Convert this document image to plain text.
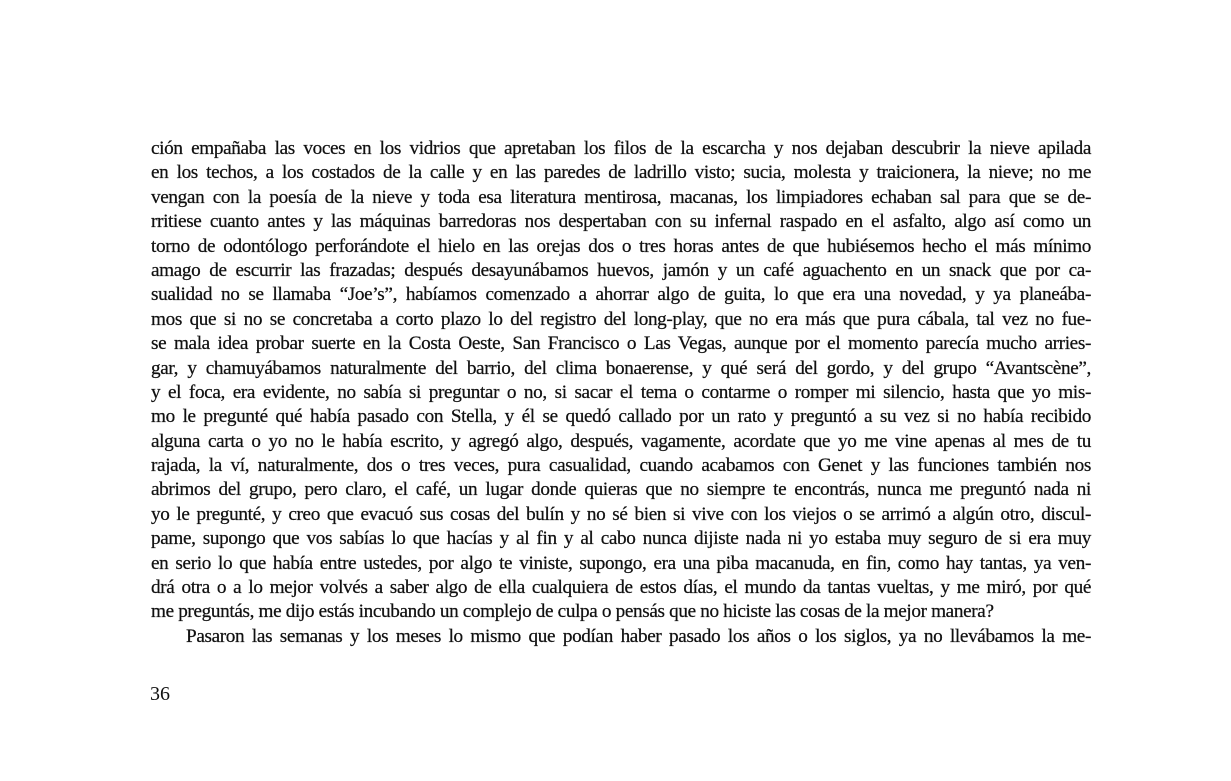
ción empañaba las voces en los vidrios que apretaban los filos de la escarcha y nos dejaban descubrir la nieve apilada
en los techos, a los costados de la calle y en las paredes de ladrillo visto; sucia, molesta y traicionera, la nieve; no me
vengan con la poesía de la nieve y toda esa literatura mentirosa, macanas, los limpiadores echaban sal para que se de-
rritiese cuanto antes y las máquinas barredoras nos despertaban con su infernal raspado en el asfalto, algo así como un
torno de odontólogo perforándote el hielo en las orejas dos o tres horas antes de que hubiésemos hecho el más mínimo
amago de escurrir las frazadas; después desayunábamos huevos, jamón y un café aguachento en un snack que por ca-
sualidad no se llamaba “Joe’s”, habíamos comenzado a ahorrar algo de guita, lo que era una novedad, y ya planeába-
mos que si no se concretaba a corto plazo lo del registro del long-play, que no era más que pura cábala, tal vez no fue-
se mala idea probar suerte en la Costa Oeste, San Francisco o Las Vegas, aunque por el momento parecía mucho arries-
gar, y chamuyábamos naturalmente del barrio, del clima bonaerense, y qué será del gordo, y del grupo “Avantscène”,
y el foca, era evidente, no sabía si preguntar o no, si sacar el tema o contarme o romper mi silencio, hasta que yo mis-
mo le pregunté qué había pasado con Stella, y él se quedó callado por un rato y preguntó a su vez si no había recibido
alguna carta o yo no le había escrito, y agregó algo, después, vagamente, acordate que yo me vine apenas al mes de tu
rajada, la ví, naturalmente, dos o tres veces, pura casualidad, cuando acabamos con Genet y las funciones también nos
abrimos del grupo, pero claro, el café, un lugar donde quieras que no siempre te encontrás, nunca me preguntó nada ni
yo le pregunté, y creo que evacuó sus cosas del bulín y no sé bien si vive con los viejos o se arrimó a algún otro, discul-
pame, supongo que vos sabías lo que hacías y al fin y al cabo nunca dijiste nada ni yo estaba muy seguro de si era muy
en serio lo que había entre ustedes, por algo te viniste, supongo, era una piba macanuda, en fin, como hay tantas, ya ven-
drá otra o a lo mejor volvés a saber algo de ella cualquiera de estos días, el mundo da tantas vueltas, y me miró, por qué
me preguntás, me dijo estás incubando un complejo de culpa o pensás que no hiciste las cosas de la mejor manera?
Pasaron las semanas y los meses lo mismo que podían haber pasado los años o los siglos, ya no llevábamos la me-

36
